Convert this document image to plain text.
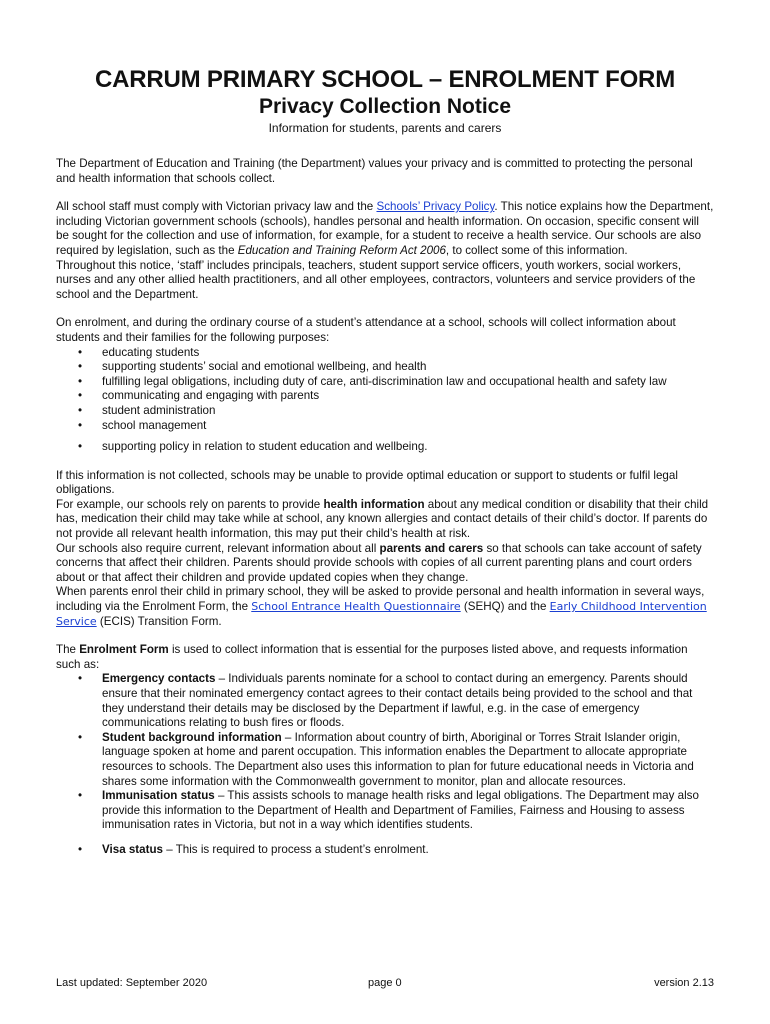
CARRUM PRIMARY SCHOOL – ENROLMENT FORM
Privacy Collection Notice
Information for students, parents and carers

The Department of Education and Training (the Department) values your privacy and is committed to protecting the personal and health information that schools collect.

All school staff must comply with Victorian privacy law and the Schools’ Privacy Policy. This notice explains how the Department, including Victorian government schools (schools), handles personal and health information. On occasion, specific consent will be sought for the collection and use of information, for example, for a student to receive a health service. Our schools are also required by legislation, such as the Education and Training Reform Act 2006, to collect some of this information.

Throughout this notice, ‘staff’ includes principals, teachers, student support service officers, youth workers, social workers, nurses and any other allied health practitioners, and all other employees, contractors, volunteers and service providers of the school and the Department.

On enrolment, and during the ordinary course of a student’s attendance at a school, schools will collect information about students and their families for the following purposes:

• educating students
• supporting students’ social and emotional wellbeing, and health
• fulfilling legal obligations, including duty of care, anti-discrimination law and occupational health and safety law
• communicating and engaging with parents
• student administration
• school management
• supporting policy in relation to student education and wellbeing.

If this information is not collected, schools may be unable to provide optimal education or support to students or fulfil legal obligations.

For example, our schools rely on parents to provide health information about any medical condition or disability that their child has, medication their child may take while at school, any known allergies and contact details of their child’s doctor. If parents do not provide all relevant health information, this may put their child’s health at risk.

Our schools also require current, relevant information about all parents and carers so that schools can take account of safety concerns that affect their children. Parents should provide schools with copies of all current parenting plans and court orders about or that affect their children and provide updated copies when they change.

When parents enrol their child in primary school, they will be asked to provide personal and health information in several ways, including via the Enrolment Form, the School Entrance Health Questionnaire (SEHQ) and the Early Childhood Intervention Service (ECIS) Transition Form.

The Enrolment Form is used to collect information that is essential for the purposes listed above, and requests information such as:

• Emergency contacts – Individuals parents nominate for a school to contact during an emergency. Parents should ensure that their nominated emergency contact agrees to their contact details being provided to the school and that they understand their details may be disclosed by the Department if lawful, e.g. in the case of emergency communications relating to bush fires or floods.
• Student background information – Information about country of birth, Aboriginal or Torres Strait Islander origin, language spoken at home and parent occupation. This information enables the Department to allocate appropriate resources to schools. The Department also uses this information to plan for future educational needs in Victoria and shares some information with the Commonwealth government to monitor, plan and allocate resources.
• Immunisation status – This assists schools to manage health risks and legal obligations. The Department may also provide this information to the Department of Health and Department of Families, Fairness and Housing to assess immunisation rates in Victoria, but not in a way which identifies students.
• Visa status – This is required to process a student’s enrolment.
Last updated: September 2020	page 0	version 2.13
